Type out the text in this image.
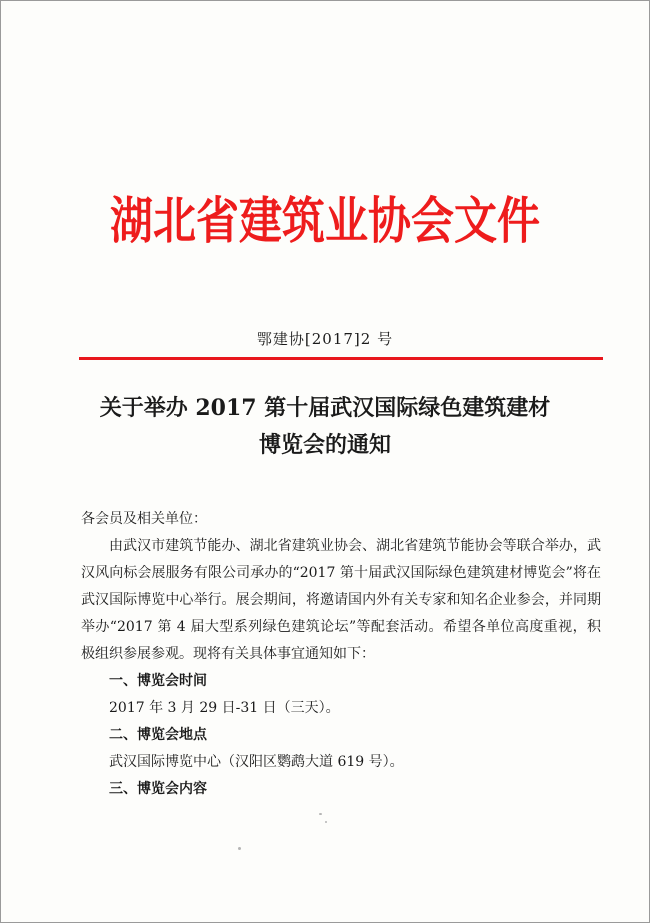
湖北省建筑业协会文件
鄂建协[2017]2 号
关于举办 2017 第十届武汉国际绿色建筑建材
博览会的通知

各会员及相关单位：

由武汉市建筑节能办、湖北省建筑业协会、湖北省建筑节能协会等联合举办，武汉风向标会展服务有限公司承办的“2017 第十届武汉国际绿色建筑建材博览会”将在武汉国际博览中心举行。展会期间，将邀请国内外有关专家和知名企业参会，并同期举办“2017 第 4 届大型系列绿色建筑论坛”等配套活动。希望各单位高度重视，积极组织参展参观。现将有关具体事宜通知如下：

一、博览会时间

2017 年 3 月 29 日-31 日（三天）。

二、博览会地点

武汉国际博览中心（汉阳区鹦鹉大道 619 号）。

三、博览会内容
